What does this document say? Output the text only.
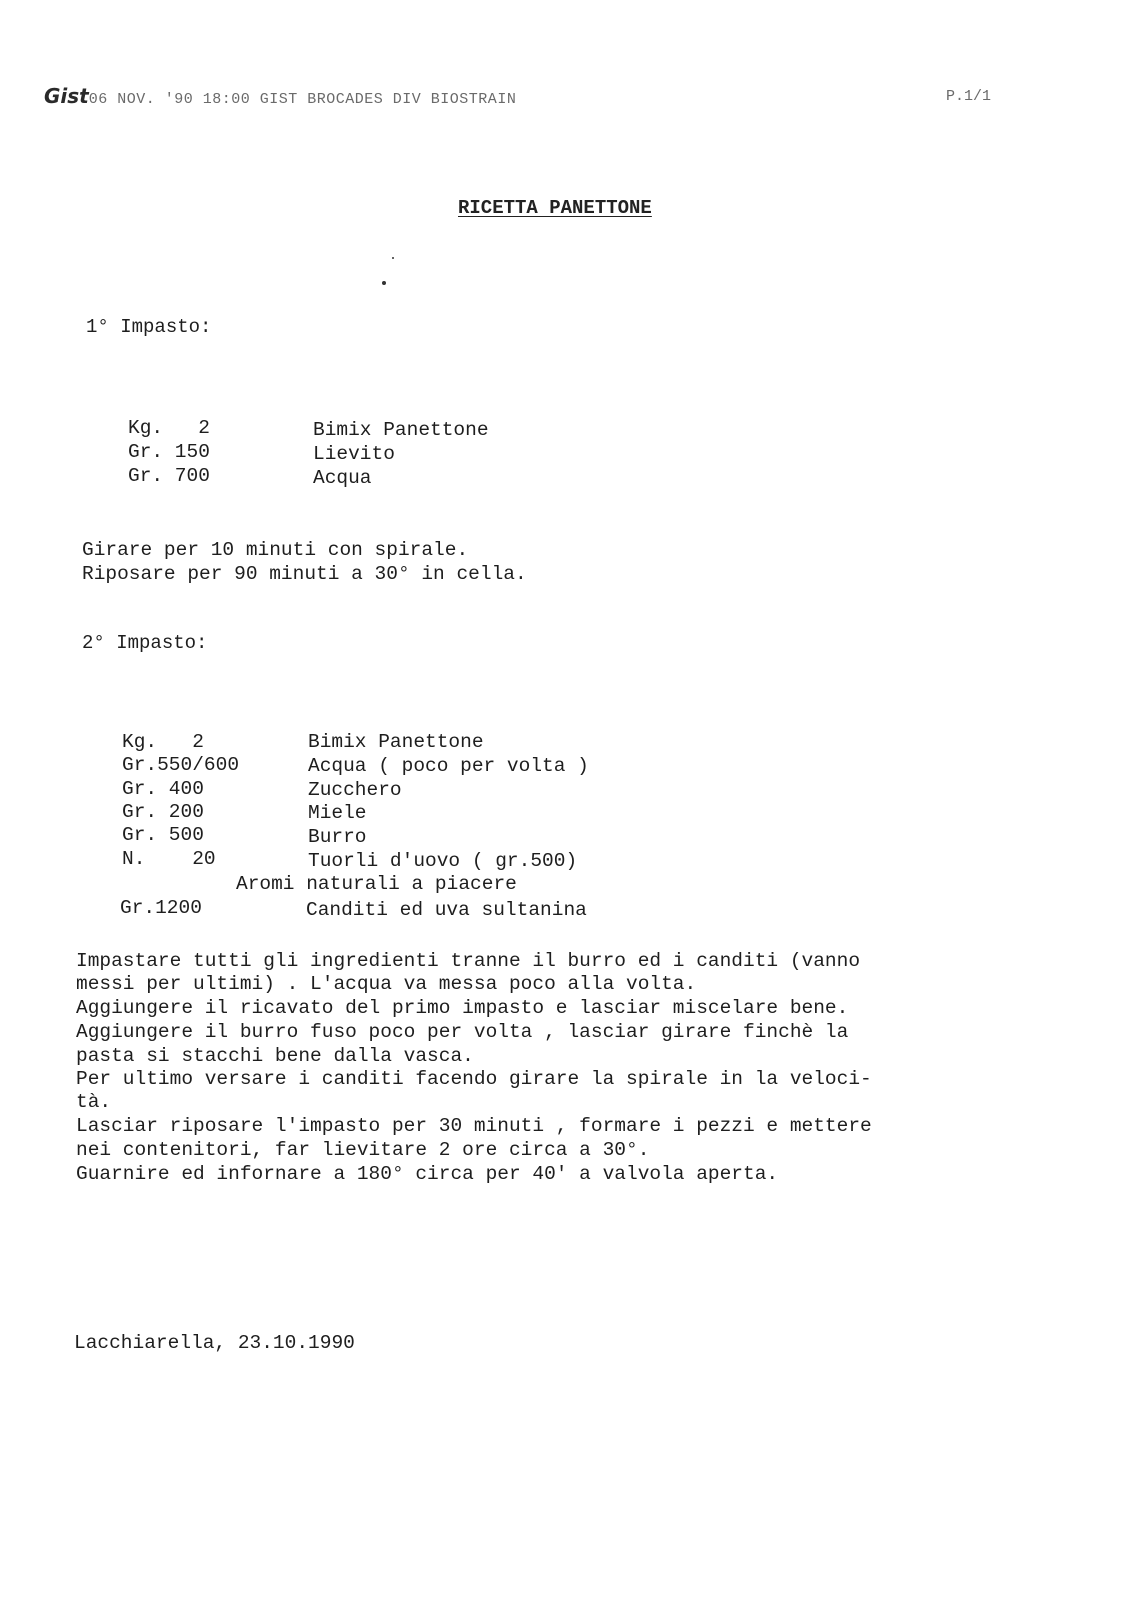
Gist06 NOV. '90 18:00 GIST BROCADES DIV BIOSTRAIN	P.1/1
RICETTA PANETTONE
1° Impasto:
Kg.   2	Bimix Panettone
Gr. 150	Lievito
Gr. 700	Acqua
Girare per 10 minuti con spirale.
Riposare per 90 minuti a 30° in cella.
2° Impasto:
Kg.   2	Bimix Panettone
Gr.550/600	Acqua ( poco per volta )
Gr. 400	Zucchero
Gr. 200	Miele
Gr. 500	Burro
N.    20	Tuorli d'uovo ( gr.500)
Aromi naturali a piacere
Gr.1200	Canditi ed uva sultanina
Impastare tutti gli ingredienti tranne il burro ed i canditi (vanno
messi per ultimi) . L'acqua va messa poco alla volta.
Aggiungere il ricavato del primo impasto e lasciar miscelare bene.
Aggiungere il burro fuso poco per volta , lasciar girare finchè la
pasta si stacchi bene dalla vasca.
Per ultimo versare i canditi facendo girare la spirale in la veloci-
tà.
Lasciar riposare l'impasto per 30 minuti , formare i pezzi e mettere
nei contenitori, far lievitare 2 ore circa a 30°.
Guarnire ed infornare a 180° circa per 40' a valvola aperta.
Lacchiarella, 23.10.1990
